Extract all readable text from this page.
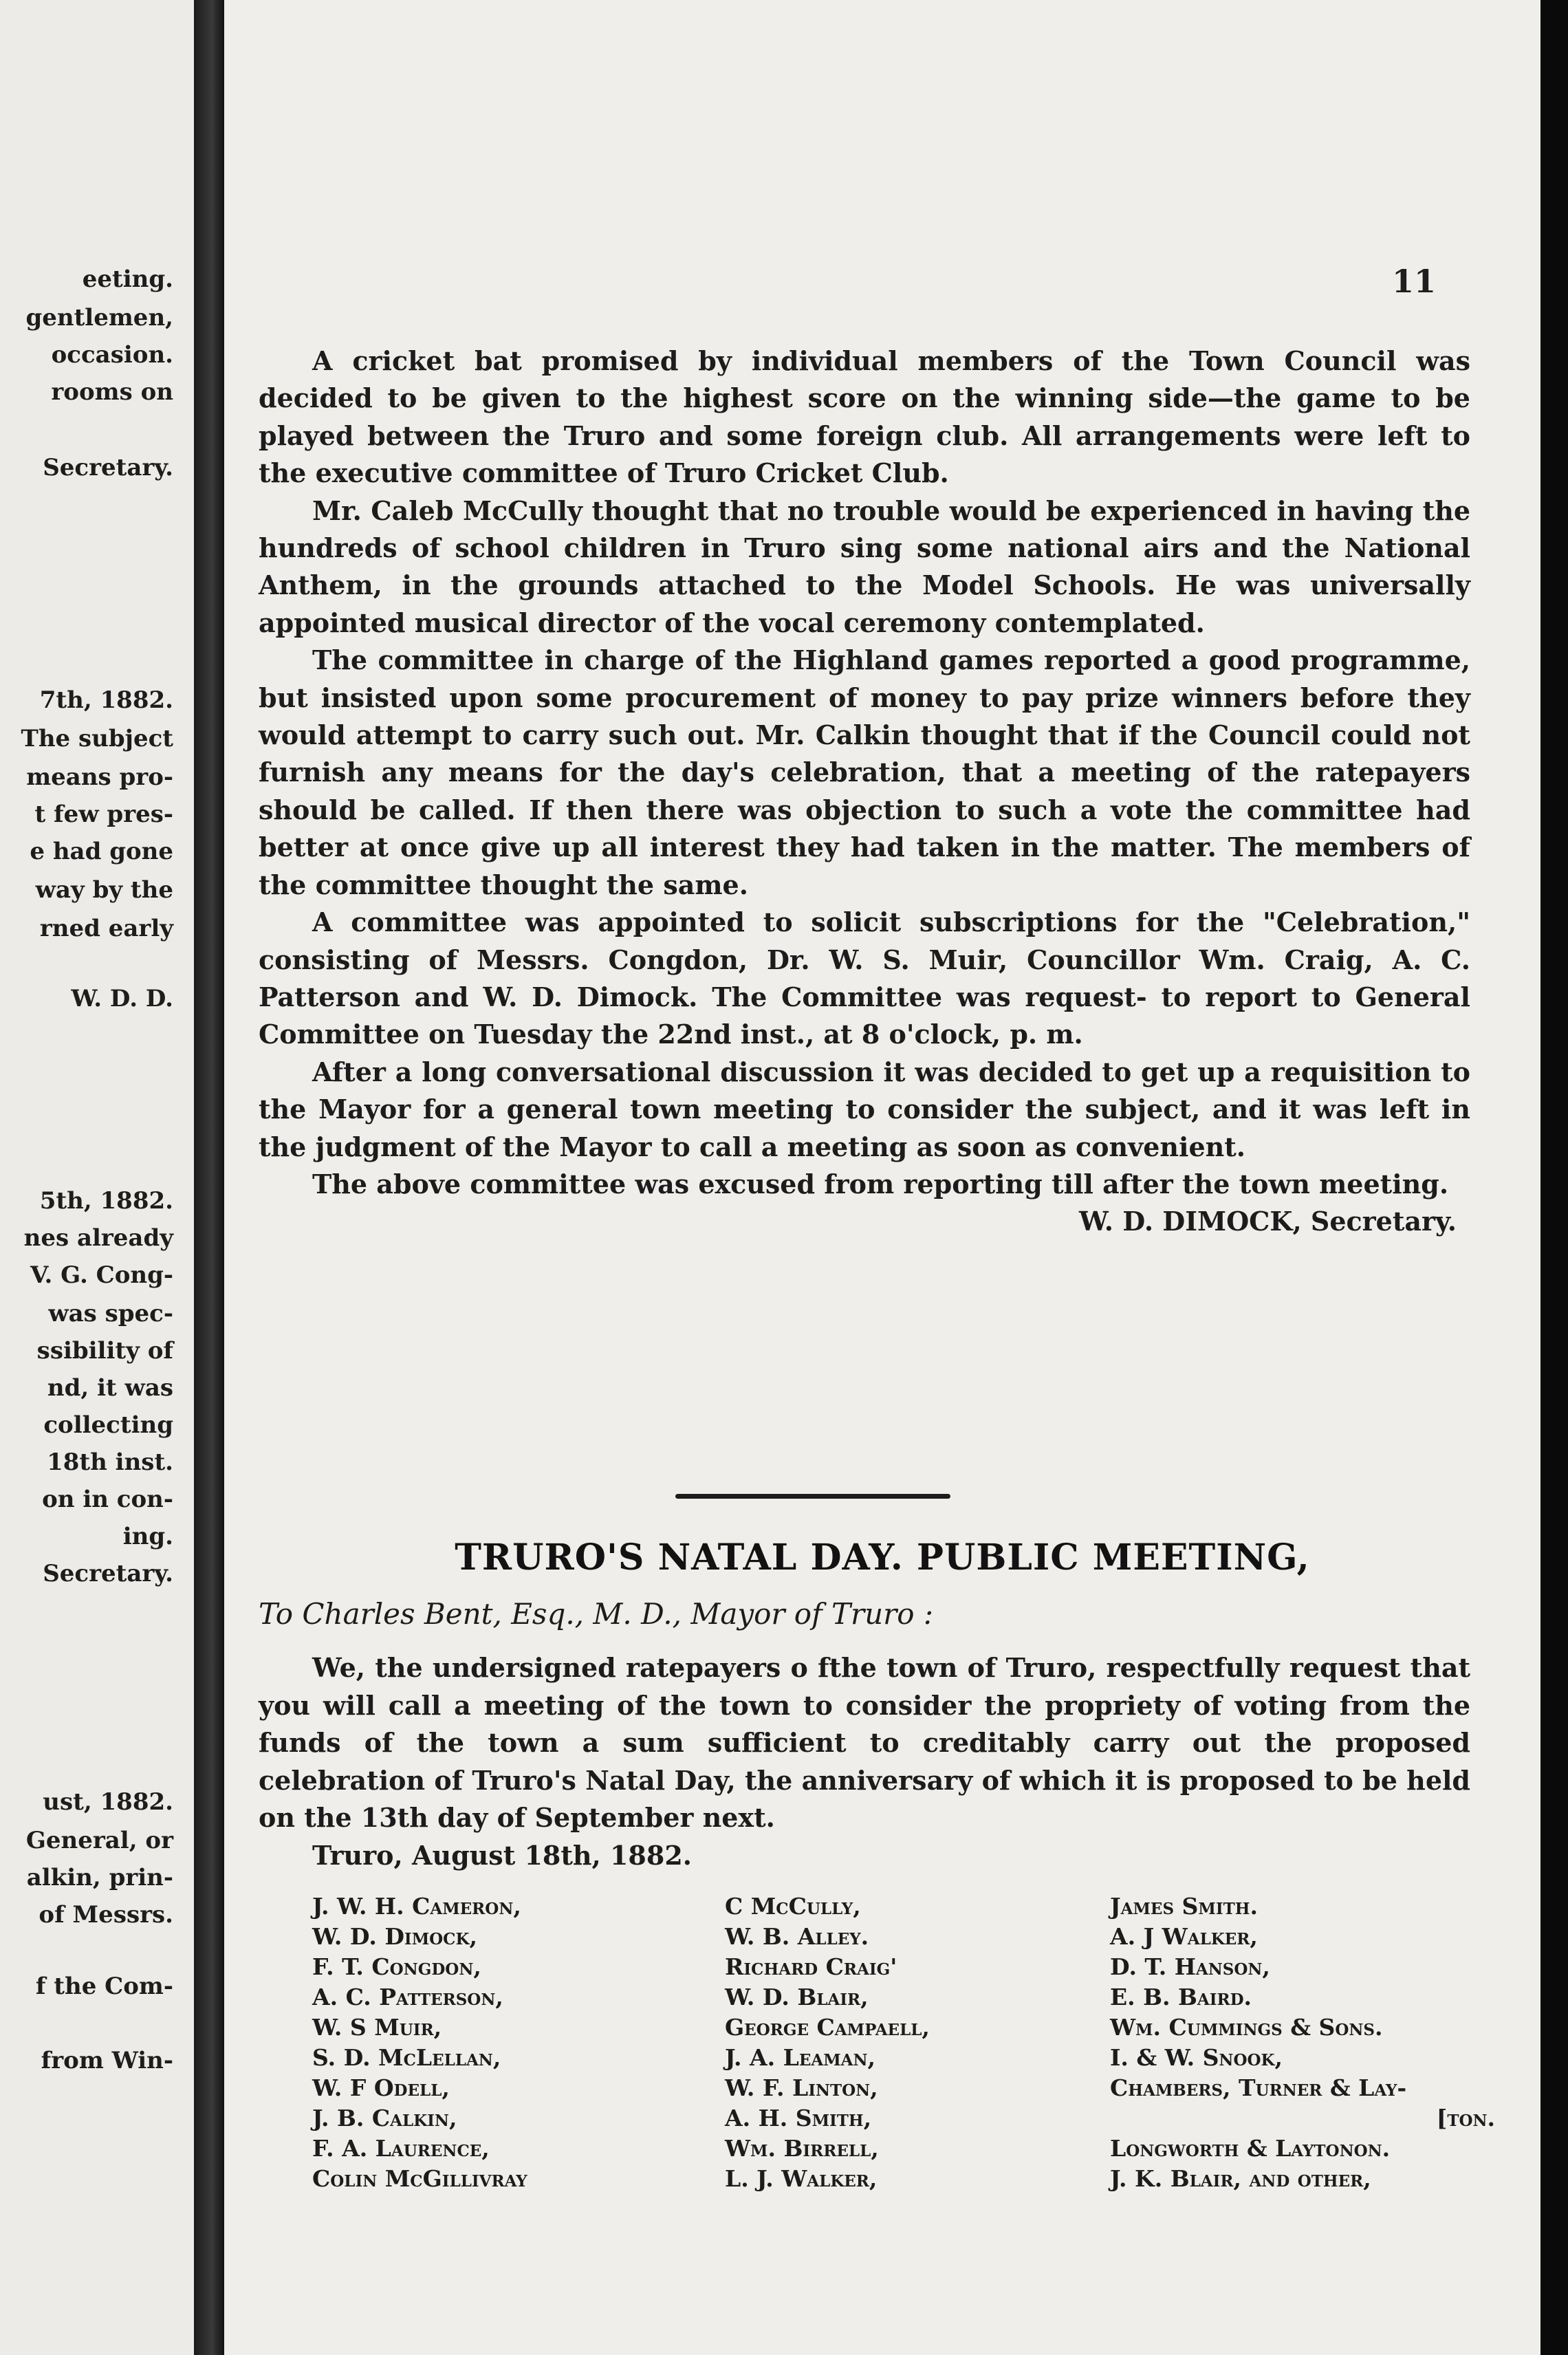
eeting.
gentlemen,
occasion.
rooms on
Secretary.
7th, 1882.
The subject
means pro-
t few pres-
e had gone
way by the
rned early
W. D. D.
5th, 1882.
nes already
V. G. Cong-
was spec-
ssibility of
nd, it was
collecting
18th inst.
on in con-
ing.
Secretary.
ust, 1882.
General, or
alkin, prin-
of Messrs.
f the Com-
from Win-
11

A cricket bat promised by individual members of the Town Council was decided to be given to the highest score on the winning side—the game to be played between the Truro and some foreign club. All arrangements were left to the executive committee of Truro Cricket Club.

Mr. Caleb McCully thought that no trouble would be experienced in having the hundreds of school children in Truro sing some national airs and the National Anthem, in the grounds attached to the Model Schools. He was universally appointed musical director of the vocal ceremony contemplated.

The committee in charge of the Highland games reported a good programme, but insisted upon some procurement of money to pay prize winners before they would attempt to carry such out. Mr. Calkin thought that if the Council could not furnish any means for the day's celebration, that a meeting of the ratepayers should be called. If then there was objection to such a vote the committee had better at once give up all interest they had taken in the matter. The members of the committee thought the same.

A committee was appointed to solicit subscriptions for the "Celebration," consisting of Messrs. Congdon, Dr. W. S. Muir, Councillor Wm. Craig, A. C. Patterson and W. D. Dimock. The Committee was request- to report to General Committee on Tuesday the 22nd inst., at 8 o'clock, p. m.

After a long conversational discussion it was decided to get up a requisition to the Mayor for a general town meeting to consider the subject, and it was left in the judgment of the Mayor to call a meeting as soon as convenient.

The above committee was excused from reporting till after the town meeting.

W. D. DIMOCK, Secretary.

TRURO'S NATAL DAY. PUBLIC MEETING,
To Charles Bent, Esq., M. D., Mayor of Truro :

We, the undersigned ratepayers o fthe town of Truro, respectfully request that you will call a meeting of the town to consider the propriety of voting from the funds of the town a sum sufficient to creditably carry out the proposed celebration of Truro's Natal Day, the anniversary of which it is proposed to be held on the 13th day of September next.

Truro, August 18th, 1882.

J. W. H. Cameron,
W. D. Dimock,
F. T. Congdon,
A. C. Patterson,
W. S Muir,
S. D. McLellan,
W. F Odell,
J. B. Calkin,
F. A. Laurence,
Colin McGillivray
C McCully,
W. B. Alley.
Richard Craig'
W. D. Blair,
George Campaell,
J. A. Leaman,
W. F. Linton,
A. H. Smith,
Wm. Birrell,
L. J. Walker,
James Smith.
A. J Walker,
D. T. Hanson,
E. B. Baird.
Wm. Cummings & Sons.
I. & W. Snook,
Chambers, Turner & Lay-
[ton.
Longworth & Laytonon.
J. K. Blair, and other,
